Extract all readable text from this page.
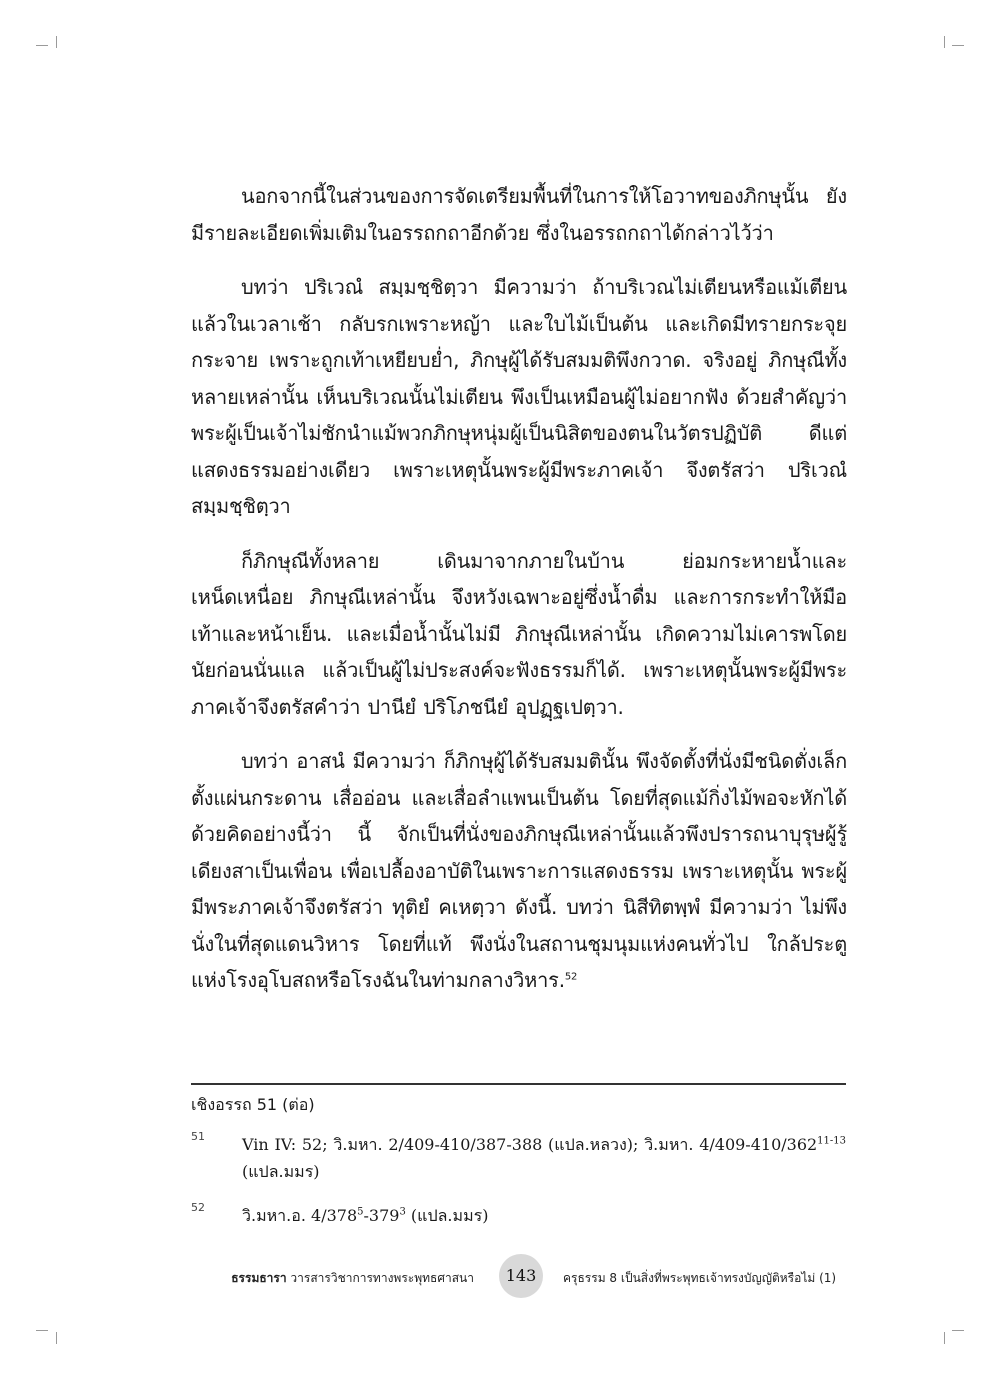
นอกจากนี้ในส่วนของการจัดเตรียมพื้นที่ในการให้โอวาทของภิกษุนั้น ยังมีรายละเอียดเพิ่มเติมในอรรถกถาอีกด้วย ซึ่งในอรรถกถาได้กล่าวไว้ว่า

บทว่า ปริเวณํ สมฺมชฺชิตฺวา มีความว่า ถ้าบริเวณไม่เตียนหรือแม้เตียนแล้วในเวลาเช้า กลับรกเพราะหญ้า และใบไม้เป็นต้น และเกิดมีทรายกระจุยกระจาย เพราะถูกเท้าเหยียบย่ำ, ภิกษุผู้ได้รับสมมติพึงกวาด. จริงอยู่ ภิกษุณีทั้งหลายเหล่านั้น เห็นบริเวณนั้นไม่เตียน พึงเป็นเหมือนผู้ไม่อยากฟัง ด้วยสำคัญว่า พระผู้เป็นเจ้าไม่ชักนำแม้พวกภิกษุหนุ่มผู้เป็นนิสิตของตนในวัตรปฏิบัติ ดีแต่แสดงธรรมอย่างเดียว เพราะเหตุนั้นพระผู้มีพระภาคเจ้า จึงตรัสว่า ปริเวณํ สมฺมชฺชิตฺวา

ก็ภิกษุณีทั้งหลาย เดินมาจากภายในบ้าน ย่อมกระหายน้ำและเหน็ดเหนื่อย ภิกษุณีเหล่านั้น จึงหวังเฉพาะอยู่ซึ่งน้ำดื่ม และการกระทำให้มือเท้าและหน้าเย็น. และเมื่อน้ำนั้นไม่มี ภิกษุณีเหล่านั้น เกิดความไม่เคารพโดยนัยก่อนนั่นแล แล้วเป็นผู้ไม่ประสงค์จะฟังธรรมก็ได้. เพราะเหตุนั้นพระผู้มีพระภาคเจ้าจึงตรัสคำว่า ปานียํ ปริโภชนียํ อุปฏฺฐเปตฺวา.

บทว่า อาสนํ มีความว่า ก็ภิกษุผู้ได้รับสมมตินั้น พึงจัดตั้งที่นั่งมีชนิดตั่งเล็ก ตั้งแผ่นกระดาน เสื่ออ่อน และเสื่อลำแพนเป็นต้น โดยที่สุดแม้กิ่งไม้พอจะหักได้ ด้วยคิดอย่างนี้ว่า นี้ จักเป็นที่นั่งของภิกษุณีเหล่านั้นแล้วพึงปรารถนาบุรุษผู้รู้เดียงสาเป็นเพื่อน เพื่อเปลื้องอาบัติในเพราะการแสดงธรรม เพราะเหตุนั้น พระผู้มีพระภาคเจ้าจึงตรัสว่า ทุติยํ คเหตฺวา ดังนี้. บทว่า นิสีทิตพฺพํ มีความว่า ไม่พึงนั่งในที่สุดแดนวิหาร โดยที่แท้ พึงนั่งในสถานชุมนุมแห่งคนทั่วไป ใกล้ประตูแห่งโรงอุโบสถหรือโรงฉันในท่ามกลางวิหาร.$^{52}$

เชิงอรรถ 51 (ต่อ)
51 Vin IV: 52; วิ.มหา. 2/409-410/387-388 (แปล.หลวง); วิ.มหา. 4/409-410/362$^{11-13}$ (แปล.มมร)
52 วิ.มหา.อ. $4/378^5-379^3$ (แปล.มมร)
ธรรมธารา วารสารวิชาการทางพระพุทธศาสนา	143	ครุธรรม 8 เป็นสิ่งที่พระพุทธเจ้าทรงบัญญัติหรือไม่ (1)
